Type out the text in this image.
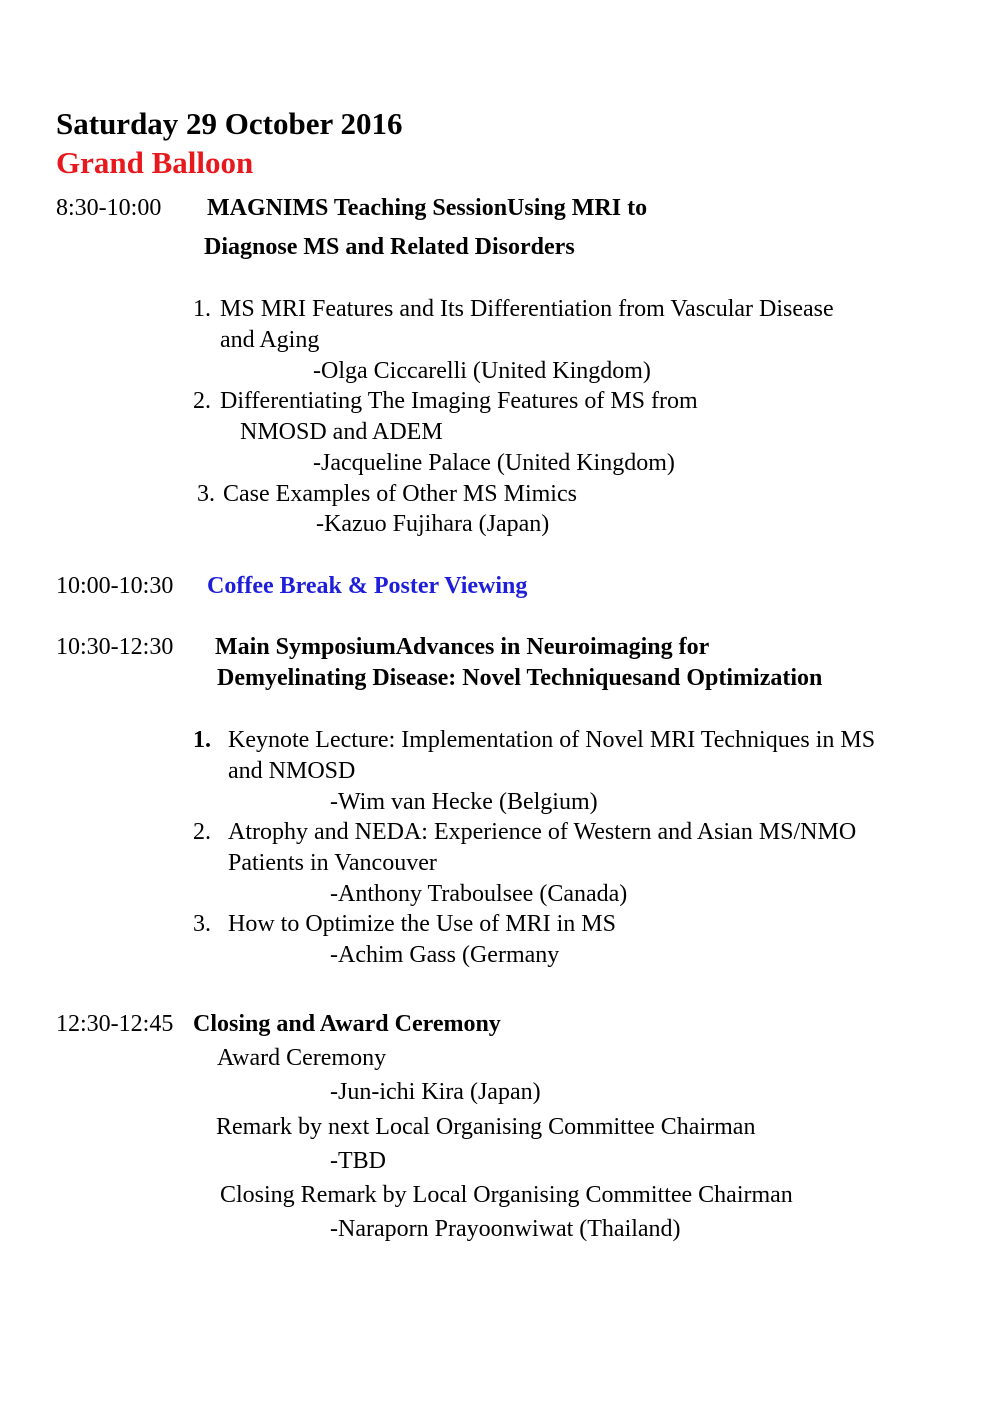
Saturday 29 October 2016
Grand Balloon
8:30-10:00 MAGNIMS Teaching SessionUsing MRI to
Diagnose MS and Related Disorders
1. MS MRI Features and Its Differentiation from Vascular Disease
and Aging
-Olga Ciccarelli (United Kingdom)
2. Differentiating The Imaging Features of MS from
NMOSD and ADEM
-Jacqueline Palace (United Kingdom)
3. Case Examples of Other MS Mimics
-Kazuo Fujihara (Japan)
10:00-10:30 Coffee Break & Poster Viewing
10:30-12:30 Main SymposiumAdvances in Neuroimaging for
Demyelinating Disease: Novel Techniquesand Optimization
1. Keynote Lecture: Implementation of Novel MRI Techniques in MS
and NMOSD
-Wim van Hecke (Belgium)
2. Atrophy and NEDA: Experience of Western and Asian MS/NMO
Patients in Vancouver
-Anthony Traboulsee (Canada)
3. How to Optimize the Use of MRI in MS
-Achim Gass (Germany
12:30-12:45 Closing and Award Ceremony
Award Ceremony
-Jun-ichi Kira (Japan)
Remark by next Local Organising Committee Chairman
-TBD
Closing Remark by Local Organising Committee Chairman
-Naraporn Prayoonwiwat (Thailand)
